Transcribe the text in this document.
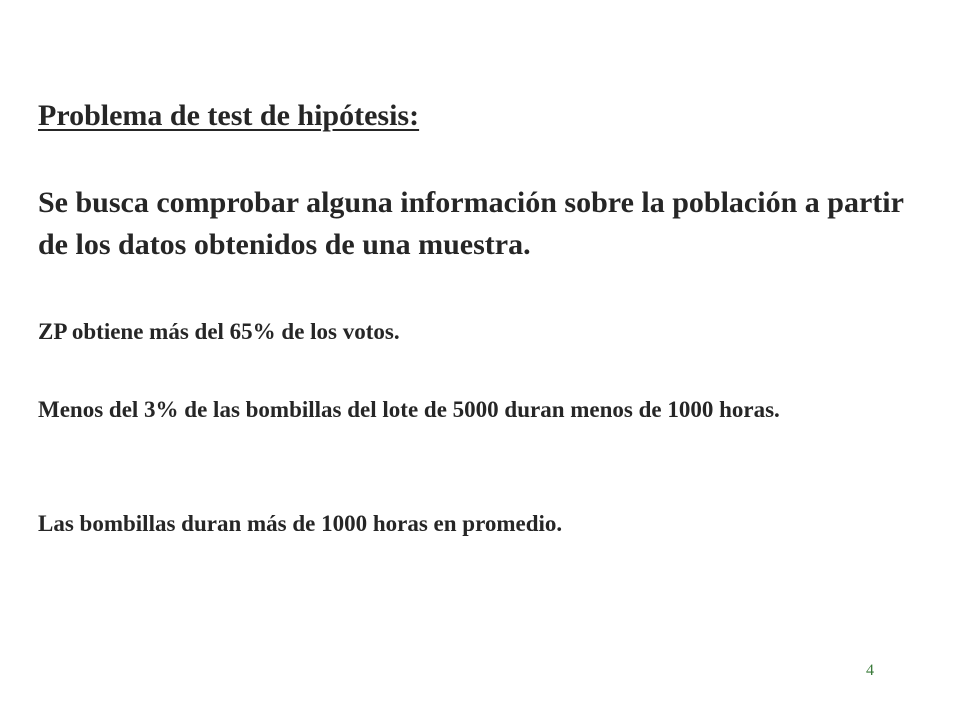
Problema de test de hipótesis:

Se busca comprobar alguna información sobre la población a partir de los datos obtenidos de una muestra.

ZP obtiene más del 65% de los votos.

Menos del 3% de las bombillas del lote de 5000 duran menos de 1000 horas.

Las bombillas duran más de 1000 horas en promedio.

4
